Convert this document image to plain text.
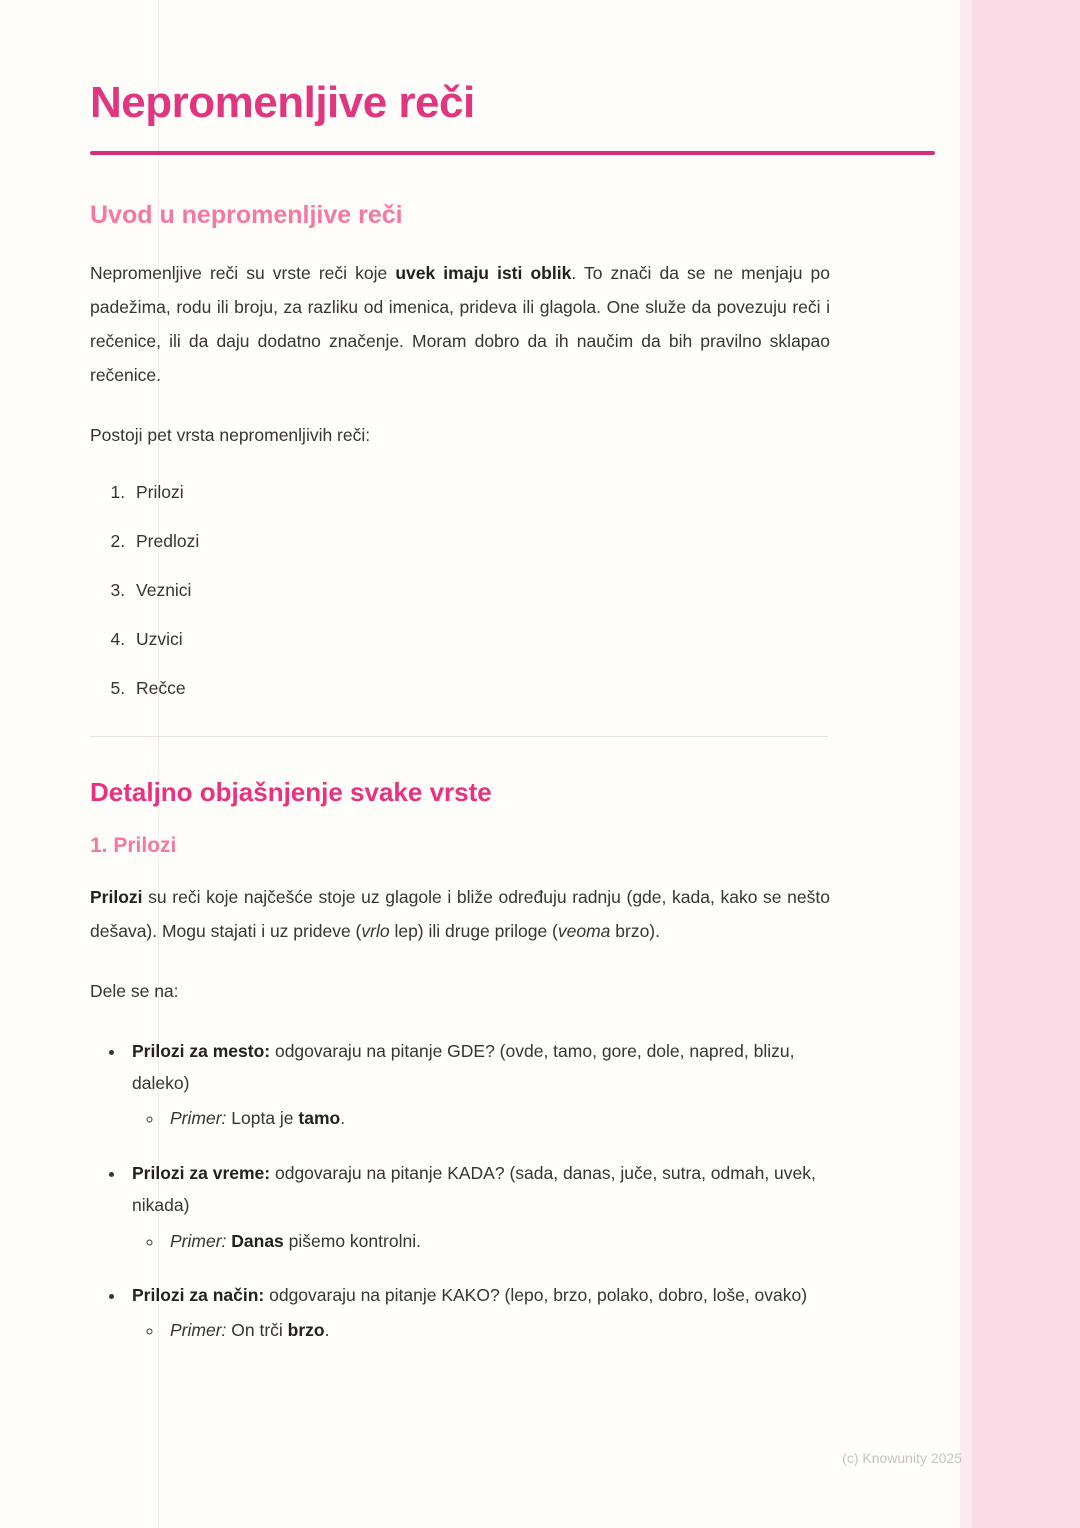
Nepromenljive reči
Uvod u nepromenljive reči

Nepromenljive reči su vrste reči koje uvek imaju isti oblik. To znači da se ne menjaju po padežima, rodu ili broju, za razliku od imenica, prideva ili glagola. One služe da povezuju reči i rečenice, ili da daju dodatno značenje. Moram dobro da ih naučim da bih pravilno sklapao rečenice.

Postoji pet vrsta nepromenljivih reči:

1. Prilozi
2. Predlozi
3. Veznici
4. Uzvici
5. Rečce
Detaljno objašnjenje svake vrste
1. Prilozi

Prilozi su reči koje najčešće stoje uz glagole i bliže određuju radnju (gde, kada, kako se nešto dešava). Mogu stajati i uz prideve (vrlo lep) ili druge priloge (veoma brzo).

Dele se na:

• Prilozi za mesto: odgovaraju na pitanje GDE? (ovde, tamo, gore, dole, napred, blizu, daleko)
◦ Primer: Lopta je tamo.
• Prilozi za vreme: odgovaraju na pitanje KADA? (sada, danas, juče, sutra, odmah, uvek, nikada)
◦ Primer: Danas pišemo kontrolni.
• Prilozi za način: odgovaraju na pitanje KAKO? (lepo, brzo, polako, dobro, loše, ovako)
◦ Primer: On trči brzo.
(c) Knowunity 2025
